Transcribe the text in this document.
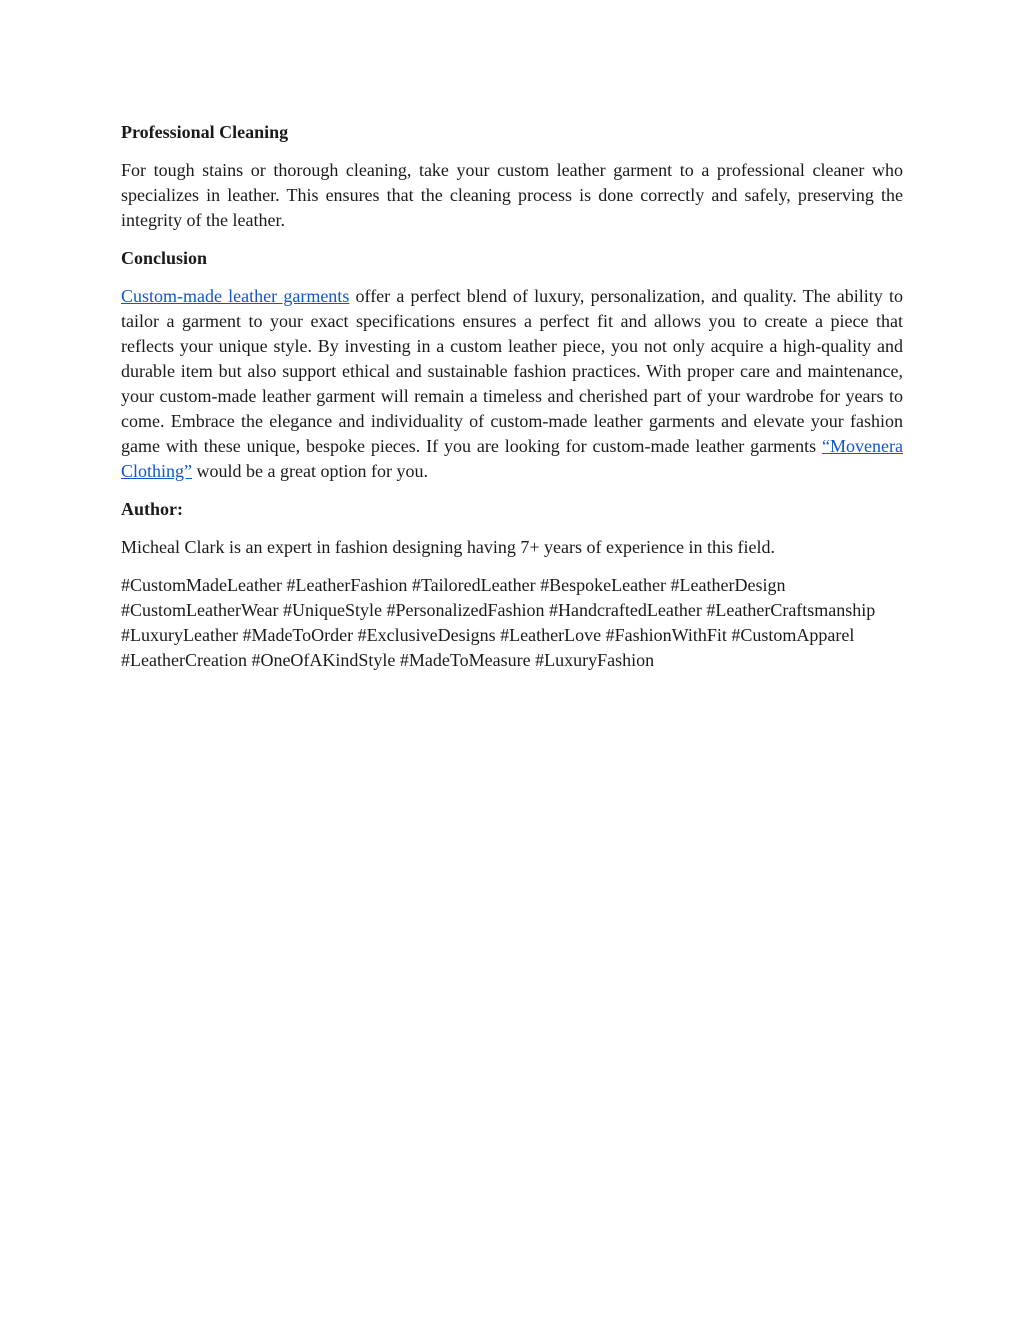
Professional Cleaning

For tough stains or thorough cleaning, take your custom leather garment to a professional cleaner who specializes in leather. This ensures that the cleaning process is done correctly and safely, preserving the integrity of the leather.

Conclusion

Custom-made leather garments offer a perfect blend of luxury, personalization, and quality. The ability to tailor a garment to your exact specifications ensures a perfect fit and allows you to create a piece that reflects your unique style. By investing in a custom leather piece, you not only acquire a high-quality and durable item but also support ethical and sustainable fashion practices. With proper care and maintenance, your custom-made leather garment will remain a timeless and cherished part of your wardrobe for years to come. Embrace the elegance and individuality of custom-made leather garments and elevate your fashion game with these unique, bespoke pieces. If you are looking for custom-made leather garments “Movenera Clothing” would be a great option for you.

Author:

Micheal Clark is an expert in fashion designing having 7+ years of experience in this field.

#CustomMadeLeather #LeatherFashion #TailoredLeather #BespokeLeather #LeatherDesign #CustomLeatherWear #UniqueStyle #PersonalizedFashion #HandcraftedLeather #LeatherCraftsmanship #LuxuryLeather #MadeToOrder #ExclusiveDesigns #LeatherLove #FashionWithFit #CustomApparel #LeatherCreation #OneOfAKindStyle #MadeToMeasure #LuxuryFashion
